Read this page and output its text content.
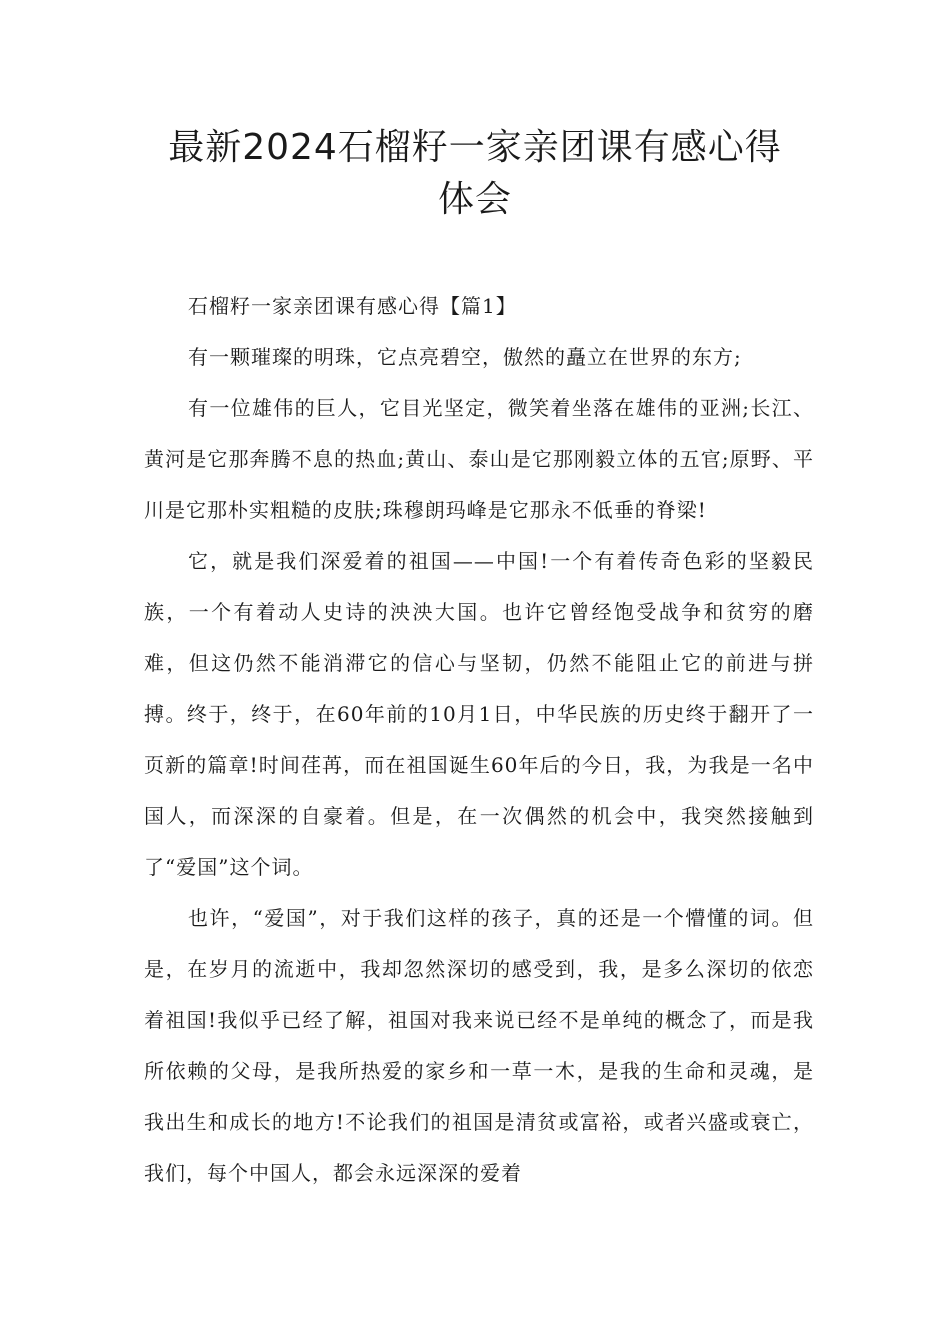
最新2024石榴籽一家亲团课有感心得
体会

石榴籽一家亲团课有感心得【篇1】

有一颗璀璨的明珠，它点亮碧空，傲然的矗立在世界的东方;

有一位雄伟的巨人，它目光坚定，微笑着坐落在雄伟的亚洲;长江、黄河是它那奔腾不息的热血;黄山、泰山是它那刚毅立体的五官;原野、平川是它那朴实粗糙的皮肤;珠穆朗玛峰是它那永不低垂的脊梁!

它，就是我们深爱着的祖国——中国!一个有着传奇色彩的坚毅民族，一个有着动人史诗的泱泱大国。也许它曾经饱受战争和贫穷的磨难，但这仍然不能消滞它的信心与坚韧，仍然不能阻止它的前进与拼搏。终于，终于，在60年前的10月1日，中华民族的历史终于翻开了一页新的篇章!时间荏苒，而在祖国诞生60年后的今日，我，为我是一名中国人，而深深的自豪着。但是，在一次偶然的机会中，我突然接触到了“爱国”这个词。

也许，“爱国”，对于我们这样的孩子，真的还是一个懵懂的词。但是，在岁月的流逝中，我却忽然深切的感受到，我，是多么深切的依恋着祖国!我似乎已经了解，祖国对我来说已经不是单纯的概念了，而是我所依赖的父母，是我所热爱的家乡和一草一木，是我的生命和灵魂，是我出生和成长的地方!不论我们的祖国是清贫或富裕，或者兴盛或衰亡，我们，每个中国人，都会永远深深的爱着
